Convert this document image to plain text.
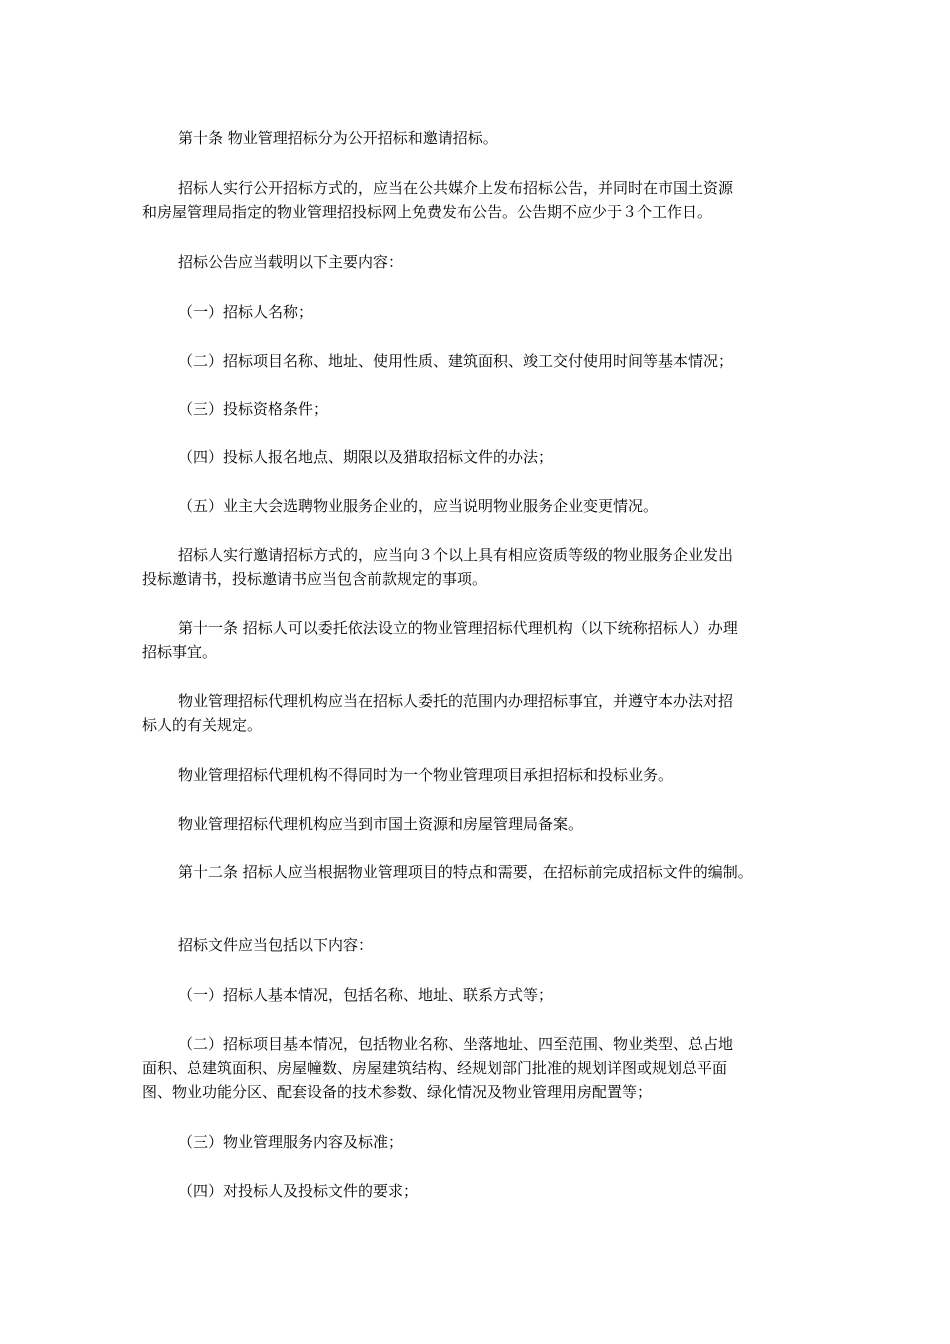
第十条 物业管理招标分为公开招标和邀请招标。
招标人实行公开招标方式的，应当在公共媒介上发布招标公告，并同时在市国土资源
和房屋管理局指定的物业管理招投标网上免费发布公告。公告期不应少于３个工作日。
招标公告应当载明以下主要内容：
（一）招标人名称；
（二）招标项目名称、地址、使用性质、建筑面积、竣工交付使用时间等基本情况；
（三）投标资格条件；
（四）投标人报名地点、期限以及猎取招标文件的办法；
（五）业主大会选聘物业服务企业的，应当说明物业服务企业变更情况。
招标人实行邀请招标方式的，应当向３个以上具有相应资质等级的物业服务企业发出
投标邀请书，投标邀请书应当包含前款规定的事项。
第十一条 招标人可以委托依法设立的物业管理招标代理机构（以下统称招标人）办理
招标事宜。
物业管理招标代理机构应当在招标人委托的范围内办理招标事宜，并遵守本办法对招
标人的有关规定。
物业管理招标代理机构不得同时为一个物业管理项目承担招标和投标业务。
物业管理招标代理机构应当到市国土资源和房屋管理局备案。
第十二条 招标人应当根据物业管理项目的特点和需要，在招标前完成招标文件的编制。
招标文件应当包括以下内容：
（一）招标人基本情况，包括名称、地址、联系方式等；
（二）招标项目基本情况，包括物业名称、坐落地址、四至范围、物业类型、总占地
面积、总建筑面积、房屋幢数、房屋建筑结构、经规划部门批准的规划详图或规划总平面
图、物业功能分区、配套设备的技术参数、绿化情况及物业管理用房配置等；
（三）物业管理服务内容及标准；
（四）对投标人及投标文件的要求；
